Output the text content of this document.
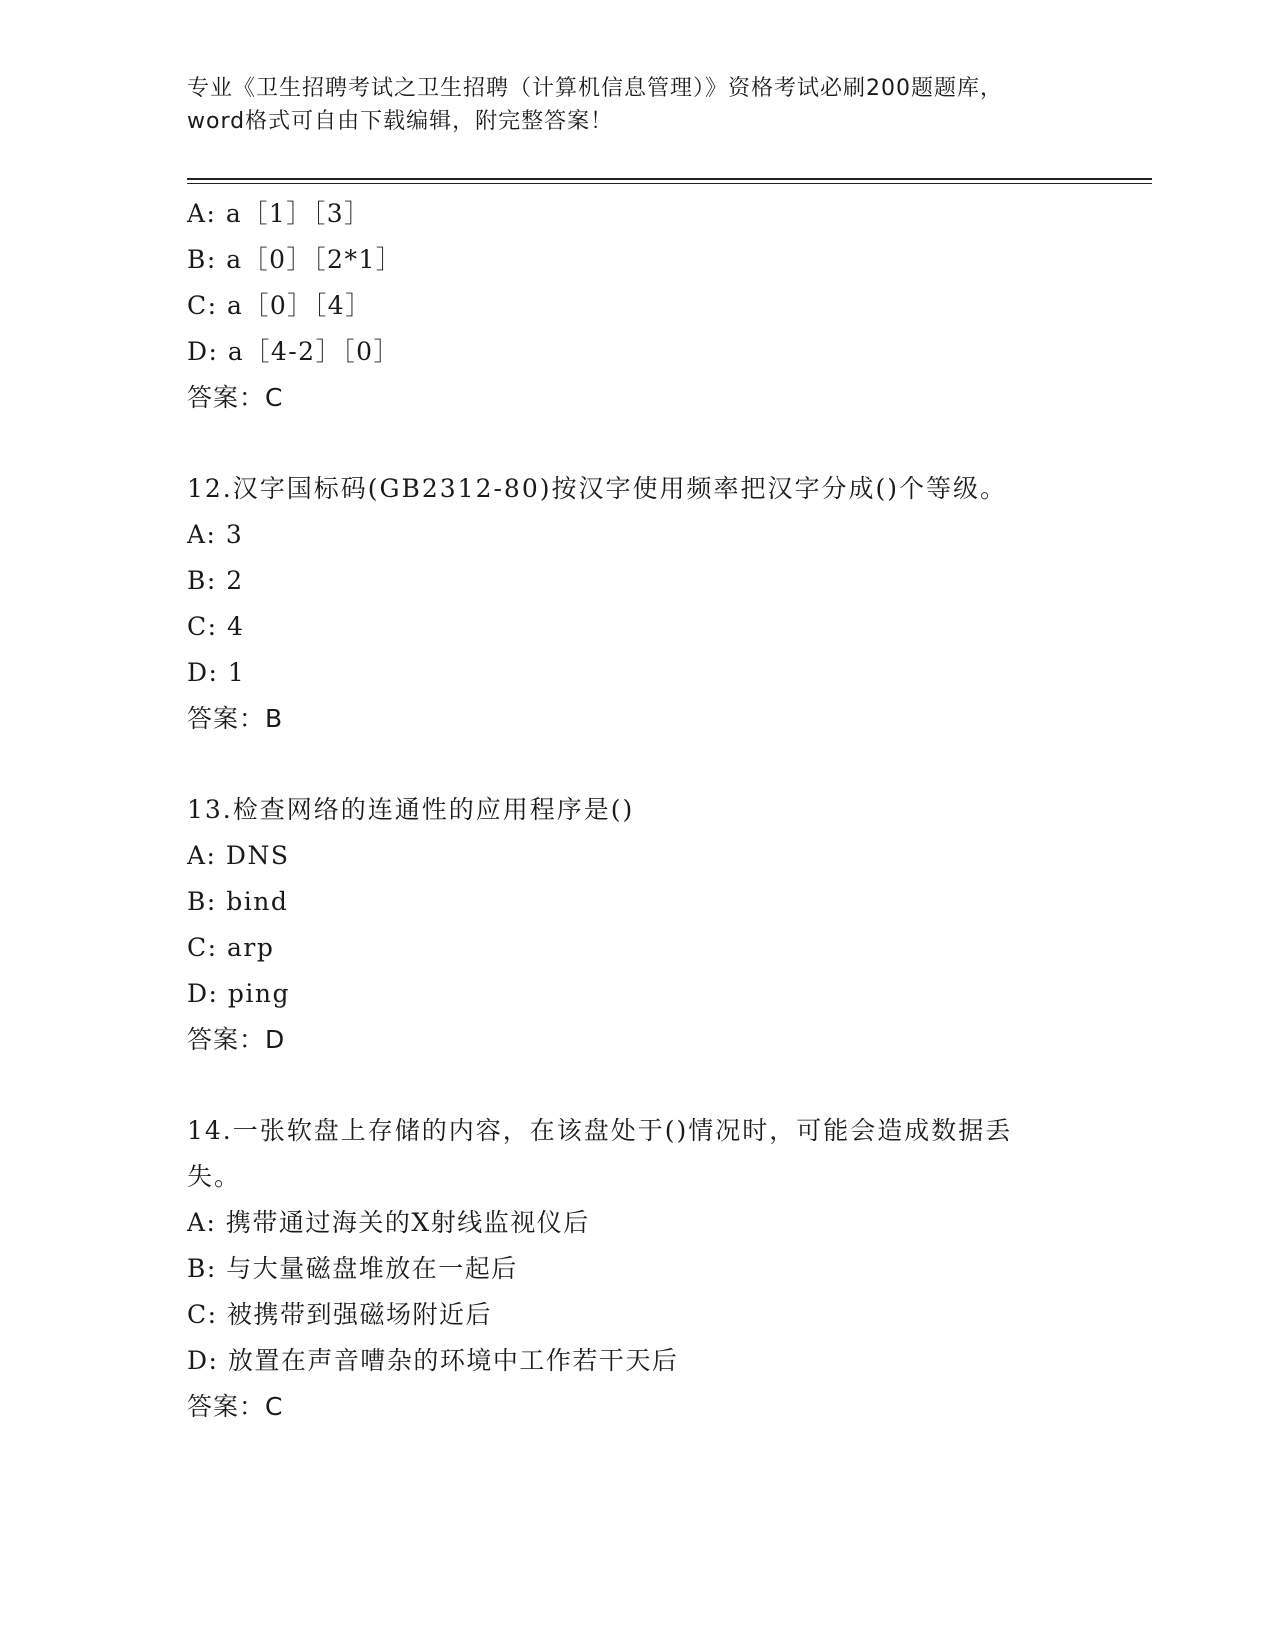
专业《卫生招聘考试之卫生招聘（计算机信息管理）》资格考试必刷200题题库，
word格式可自由下载编辑，附完整答案！
A: a［1］［3］
B: a［0］［2*1］
C: a［0］［4］
D: a［4-2］［0］
答案：C
12.汉字国标码(GB2312-80)按汉字使用频率把汉字分成()个等级。
A: 3
B: 2
C: 4
D: 1
答案：B
13.检查网络的连通性的应用程序是()
A: DNS
B: bind
C: arp
D: ping
答案：D
14.一张软盘上存储的内容，在该盘处于()情况时，可能会造成数据丢
失。
A: 携带通过海关的X射线监视仪后
B: 与大量磁盘堆放在一起后
C: 被携带到强磁场附近后
D: 放置在声音嘈杂的环境中工作若干天后
答案：C
